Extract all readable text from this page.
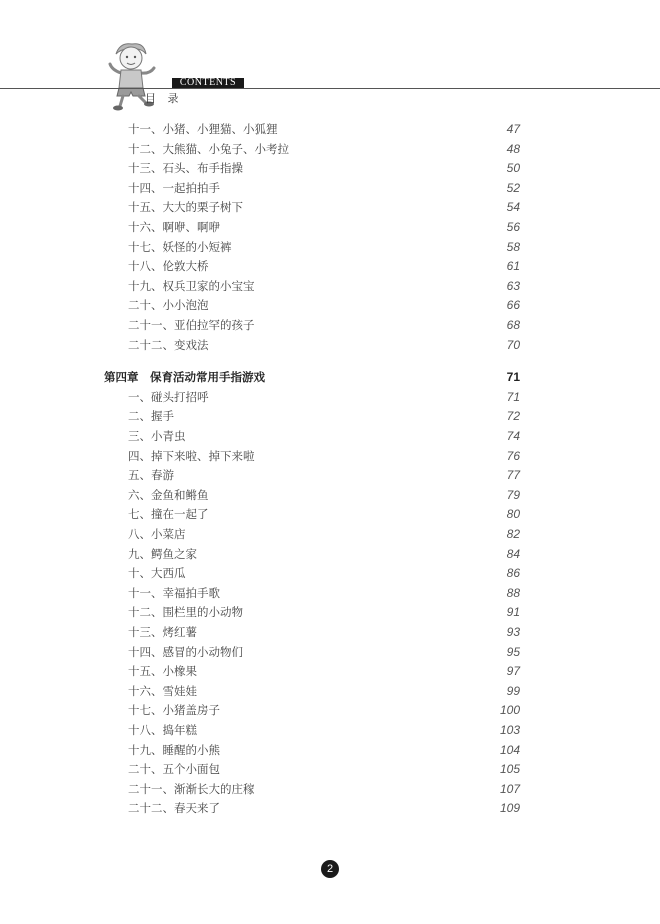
CONTENTS
目 录
十一、小猪、小狸猫、小狐狸	47
十二、大熊猫、小兔子、小考拉	48
十三、石头、布手指操	50
十四、一起拍拍手	52
十五、大大的栗子树下	54
十六、啊咿、啊咿	56
十七、妖怪的小短裤	58
十八、伦敦大桥	61
十九、权兵卫家的小宝宝	63
二十、小小泡泡	66
二十一、亚伯拉罕的孩子	68
二十二、变戏法	70
第四章　保育活动常用手指游戏	71
一、碰头打招呼	71
二、握手	72
三、小青虫	74
四、掉下来啦、掉下来啦	76
五、春游	77
六、金鱼和鳉鱼	79
七、撞在一起了	80
八、小菜店	82
九、鳄鱼之家	84
十、大西瓜	86
十一、幸福拍手歌	88
十二、围栏里的小动物	91
十三、烤红薯	93
十四、感冒的小动物们	95
十五、小橡果	97
十六、雪娃娃	99
十七、小猪盖房子	100
十八、捣年糕	103
十九、睡醒的小熊	104
二十、五个小面包	105
二十一、渐渐长大的庄稼	107
二十二、春天来了	109
2
